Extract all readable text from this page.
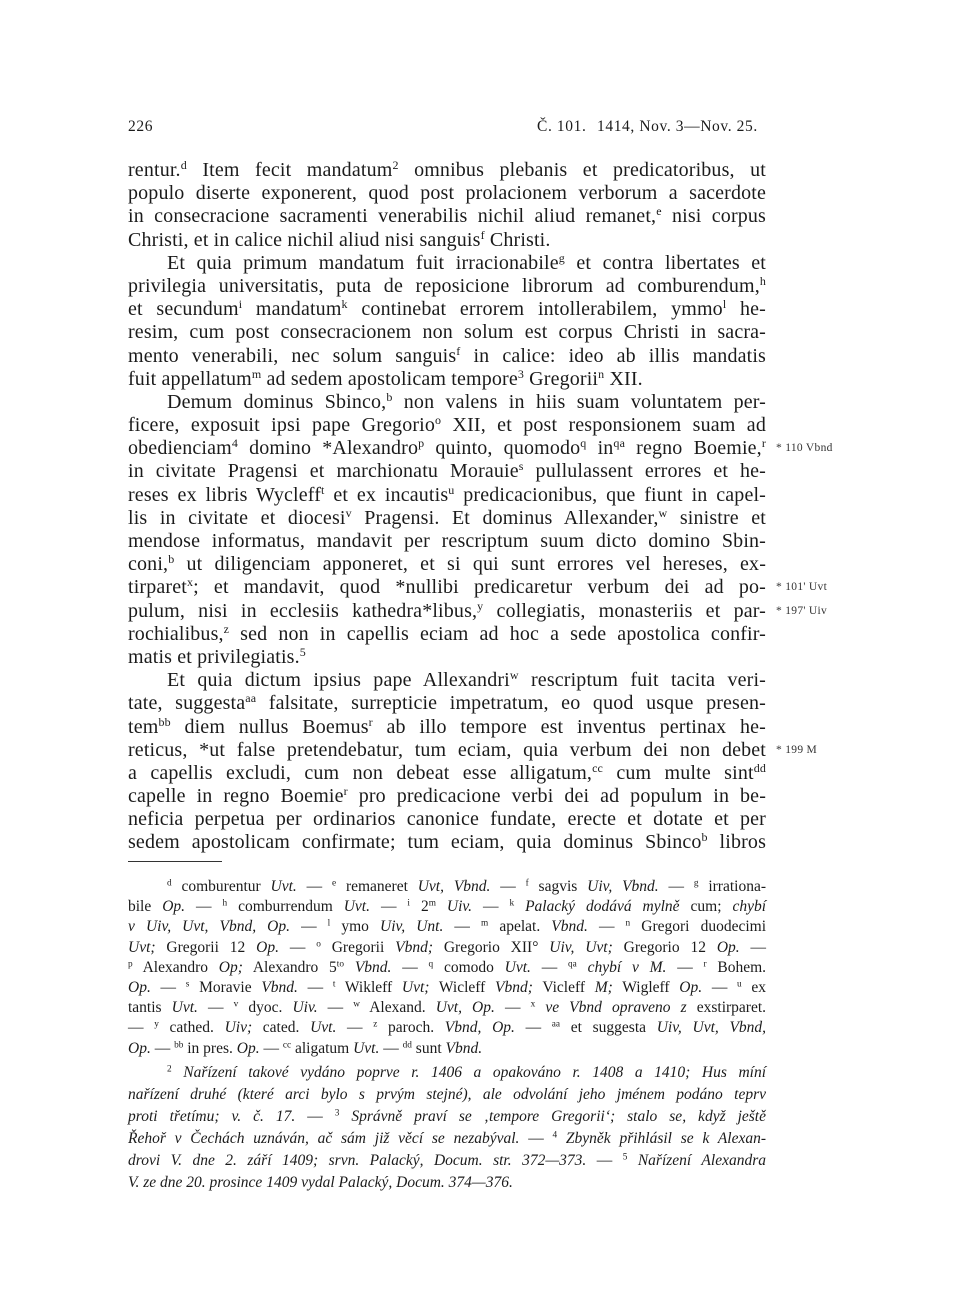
226	Č. 101. 1414, Nov. 3—Nov. 25.
rentur.$^d$ Item fecit mandatum$^2$ omnibus plebanis et predicatoribus, ut
populo diserte exponerent, quod post prolacionem verborum a sacerdote
in consecracione sacramenti venerabilis nichil aliud remanet,$^e$ nisi corpus
Christi, et in calice nichil aliud nisi sanguis$^f$ Christi.
Et quia primum mandatum fuit irracionabile$^g$ et contra libertates et
privilegia universitatis, puta de reposicione librorum ad comburendum,$^h$
et secundum$^i$ mandatum$^k$ continebat errorem intollerabilem, ymmo$^l$ he-
resim, cum post consecracionem non solum est corpus Christi in sacra-
mento venerabili, nec solum sanguis$^f$ in calice: ideo ab illis mandatis
fuit appellatum$^m$ ad sedem apostolicam tempore$^3$ Gregorii$^n$ XII.
Demum dominus Sbinco,$^b$ non valens in hiis suam voluntatem per-
ficere, exposuit ipsi pape Gregorio$^o$ XII, et post responsionem suam ad
obedienciam$^4$ domino *Alexandro$^p$ quinto, quomodo$^q$ $in^{qa}$ regno Boemie,$^r$ * 110 Vbnd
in civitate Pragensi et marchionatu Morauie$^s$ pullulassent errores et he-
reses ex libris Wycleff$^t$ et ex incautis$^u$ predicacionibus, que fiunt in capel-
lis in civitate et diocesi$^v$ Pragensi. Et dominus Allexander,$^w$ sinistre et
mendose informatus, mandavit per rescriptum suum dicto domino Sbin-
coni,$^b$ ut diligenciam apponeret, et si qui sunt errores vel hereses, ex-
tirparet$^x$; et mandavit, quod *nullibi predicaretur verbum dei ad po- * 101' Uvt
pulum, nisi in ecclesiis kathedra*libus,$^y$ collegiatis, monasteriis et par- * 197' Uiv
rochialibus,$^z$ sed non in capellis eciam ad hoc a sede apostolica confir-
matis et privilegiatis.$^5$
Et quia dictum ipsius pape Allexandri$^w$ rescriptum fuit tacita veri-
tate, suggesta$^{aa}$ falsitate, surrepticie impetratum, eo quod usque presen-
tem$^{bb}$ diem nullus Boemus$^r$ ab illo tempore est inventus pertinax he-
reticus, *ut false pretendebatur, tum eciam, quia verbum dei non debet * 199 M
a capellis excludi, cum non debeat esse alligatum,$^{cc}$ cum multe sint$^{dd}$
capelle in regno Boemie$^r$ pro predicacione verbi dei ad populum in be-
neficia perpetua per ordinarios canonice fundate, erecte et dotate et per
sedem apostolicam confirmate; tum eciam, quia dominus Sbinco$^b$ libros
$^d$ comburentur Uvt. — $^e$ remaneret Uvt, Vbnd. — $^f$ sagvis Uiv, Vbnd. — $^g$ irrationa-
bile Op. — $^h$ comburrendum Uvt. — $^i$ 2$^m$ Uiv. — $^k$ Palacký dodává mylně cum; chybí
v Uiv, Uvt, Vbnd, Op. — $^l$ ymo Uiv, Unt. — $^m$ apelat. Vbnd. — $^n$ Gregori duodecimi
Uvt; Gregorii 12 Op. — $^o$ Gregorii Vbnd; Gregorio XII° Uiv, Uvt; Gregorio 12 Op. —
$^p$ Alexandro Op; Alexandro $5^{to}$ Vbnd. — $^q$ comodo Uvt. — $^{qa}$ chybí v M. — $^r$ Bohem.
Op. — $^s$ Moravie Vbnd. — $^t$ Wikleff Uvt; Wicleff Vbnd; Vicleff M; Wigleff Op. — $^u$ ex
tantis Uvt. — $^v$ dyoc. Uiv. — $^w$ Alexand. Uvt, Op. — $^x$ ve Vbnd opraveno z exstirparet.
— $^y$ cathed. Uiv; cated. Uvt. — $^z$ paroch. Vbnd, Op. — $^{aa}$ et suggesta Uiv, Uvt, Vbnd,
Op. — $^{bb}$ in pres. Op. — $^{cc}$ aligatum Uvt. — $^{dd}$ sunt Vbnd.
$^2$ Nařízení takové vydáno poprve r. 1406 a opakováno r. 1408 a 1410; Hus míní
nařízení druhé (které arci bylo s prvým stejné), ale odvolání jeho jménem podáno teprv
proti třetímu; v. č. 17. — $^3$ Správně praví se ‚tempore Gregorii‘; stalo se, když ještě
Řehoř v Čechách uznáván, ač sám již věcí se nezabýval. — $^4$ Zbyněk přihlásil se k Alexan-
drovi V. dne 2. září 1409; srvn. Palacký, Docum. str. 372—373. — $^5$ Nařízení Alexandra
V. ze dne 20. prosince 1409 vydal Palacký, Docum. 374—376.
